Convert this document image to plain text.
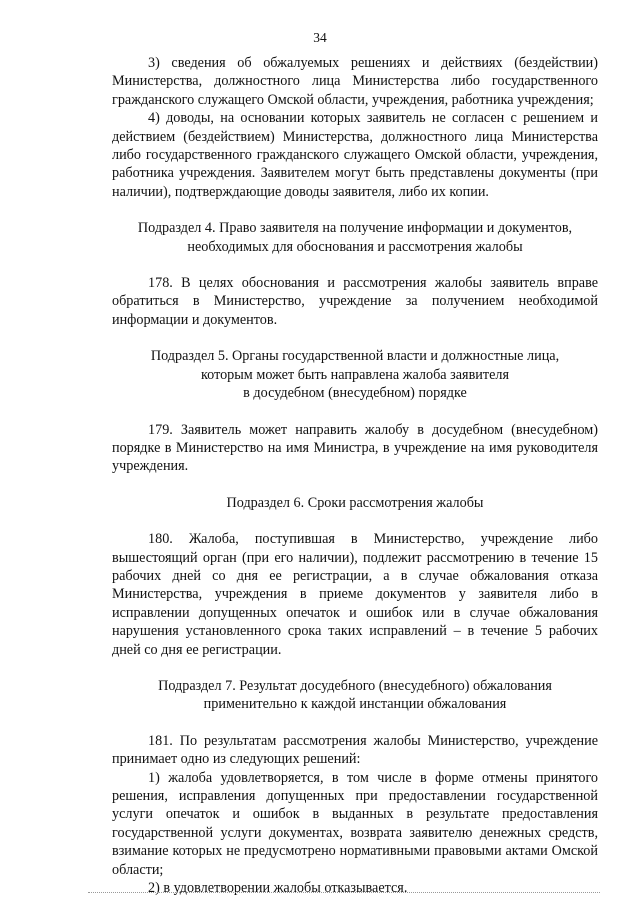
34

3) сведения об обжалуемых решениях и действиях (бездействии) Министерства, должностного лица Министерства либо государственного гражданского служащего Омской области, учреждения, работника учреждения;

4) доводы, на основании которых заявитель не согласен с решением и действием (бездействием) Министерства, должностного лица Министерства либо государственного гражданского служащего Омской области, учреждения, работника учреждения. Заявителем могут быть представлены документы (при наличии), подтверждающие доводы заявителя, либо их копии.

Подраздел 4. Право заявителя на получение информации и документов,
необходимых для обоснования и рассмотрения жалобы

178. В целях обоснования и рассмотрения жалобы заявитель вправе обратиться в Министерство, учреждение за получением необходимой информации и документов.

Подраздел 5. Органы государственной власти и должностные лица,
которым может быть направлена жалоба заявителя
в досудебном (внесудебном) порядке

179. Заявитель может направить жалобу в досудебном (внесудебном) порядке в Министерство на имя Министра, в учреждение на имя руководителя учреждения.

Подраздел 6. Сроки рассмотрения жалобы

180. Жалоба, поступившая в Министерство, учреждение либо вышестоящий орган (при его наличии), подлежит рассмотрению в течение 15 рабочих дней со дня ее регистрации, а в случае обжалования отказа Министерства, учреждения в приеме документов у заявителя либо в исправлении допущенных опечаток и ошибок или в случае обжалования нарушения установленного срока таких исправлений – в течение 5 рабочих дней со дня ее регистрации.

Подраздел 7. Результат досудебного (внесудебного) обжалования
применительно к каждой инстанции обжалования

181. По результатам рассмотрения жалобы Министерство, учреждение принимает одно из следующих решений:

1) жалоба удовлетворяется, в том числе в форме отмены принятого решения, исправления допущенных при предоставлении государственной услуги опечаток и ошибок в выданных в результате предоставления государственной услуги документах, возврата заявителю денежных средств, взимание которых не предусмотрено нормативными правовыми актами Омской области;

2) в удовлетворении жалобы отказывается.
